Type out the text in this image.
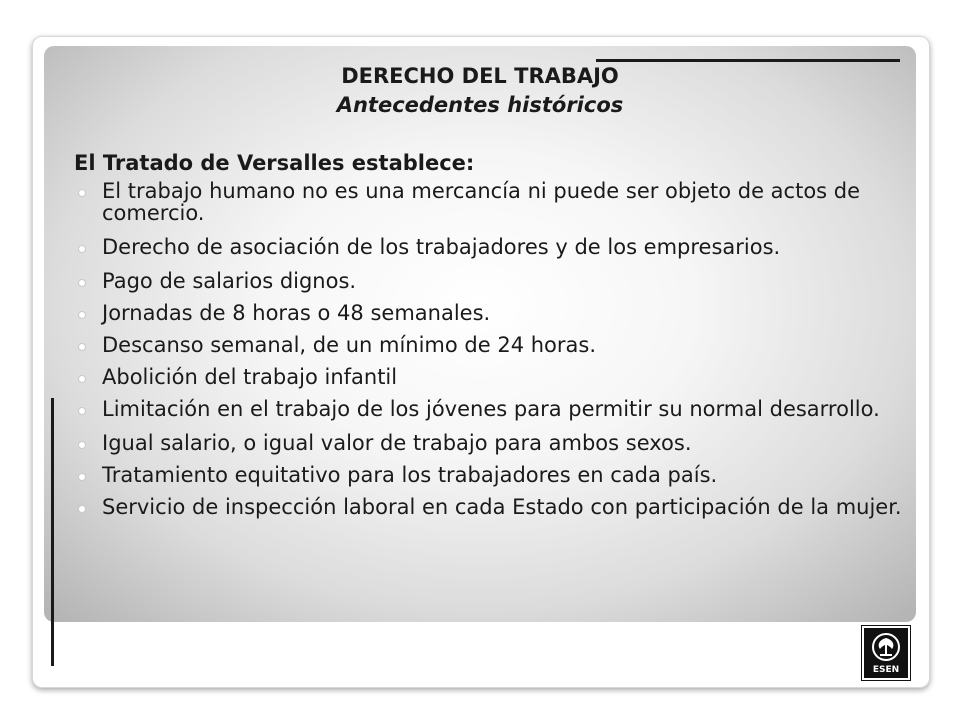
DERECHO DEL TRABAJO
Antecedentes históricos
El Tratado de Versalles establece:
El trabajo humano no es una mercancía ni puede ser objeto de actos de comercio.
Derecho de asociación de los trabajadores y de los empresarios.
Pago de salarios dignos.
Jornadas de 8 horas o 48 semanales.
Descanso semanal, de un mínimo de 24 horas.
Abolición del trabajo infantil
Limitación en el trabajo de los jóvenes para permitir su normal desarrollo.
Igual salario, o igual valor de trabajo para ambos sexos.
Tratamiento equitativo para los trabajadores en cada país.
Servicio de inspección laboral en cada Estado con participación de la mujer.
ESEN
